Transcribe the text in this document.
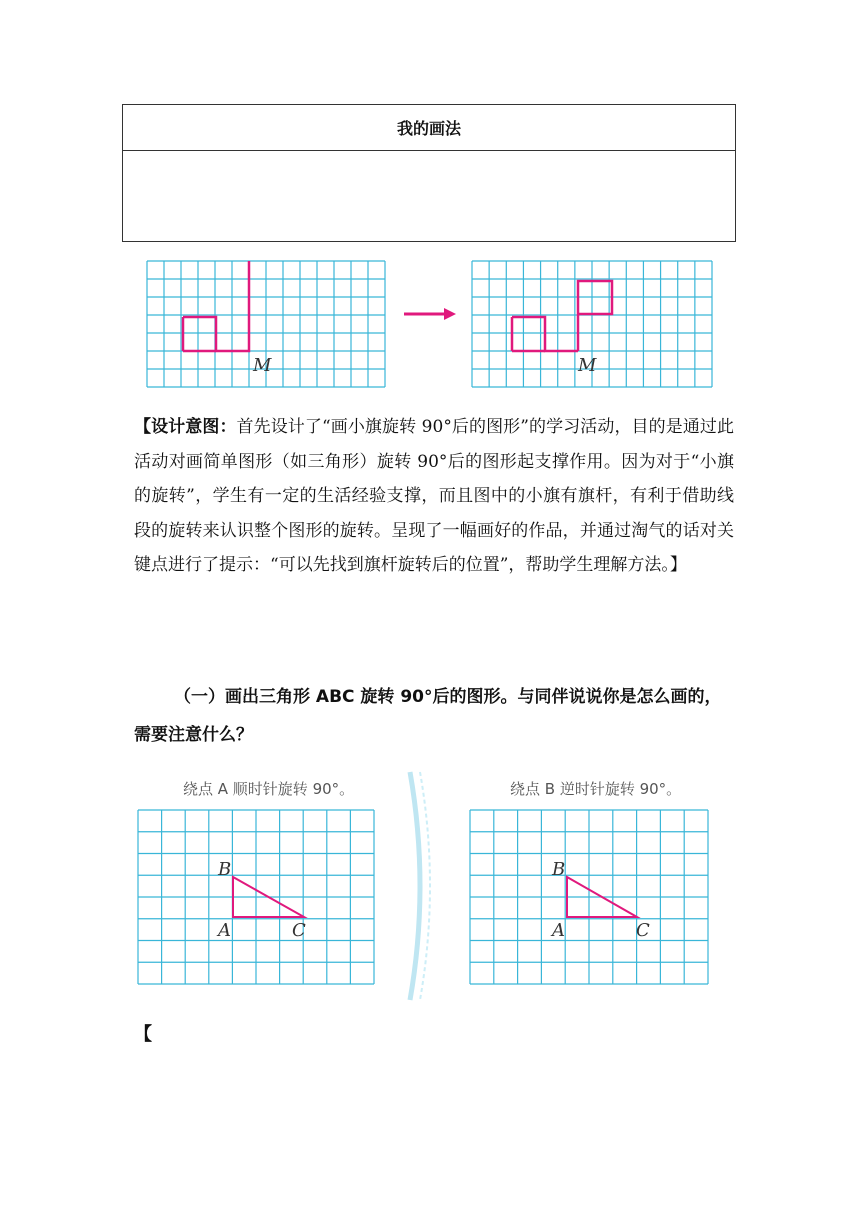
我的画法
M	M

【设计意图：首先设计了“画小旗旋转 90°后的图形”的学习活动，目的是通过此活动对画简单图形（如三角形）旋转 90°后的图形起支撑作用。因为对于“小旗的旋转”，学生有一定的生活经验支撑，而且图中的小旗有旗杆，有利于借助线段的旋转来认识整个图形的旋转。呈现了一幅画好的作品，并通过淘气的话对关键点进行了提示：“可以先找到旗杆旋转后的位置”，帮助学生理解方法。】

（一）画出三角形 ABC 旋转 90°后的图形。与同伴说说你是怎么画的，需要注意什么？

绕点 A 顺时针旋转 90°。	绕点 B 逆时针旋转 90°。
B
A	C
B
A	C
【
